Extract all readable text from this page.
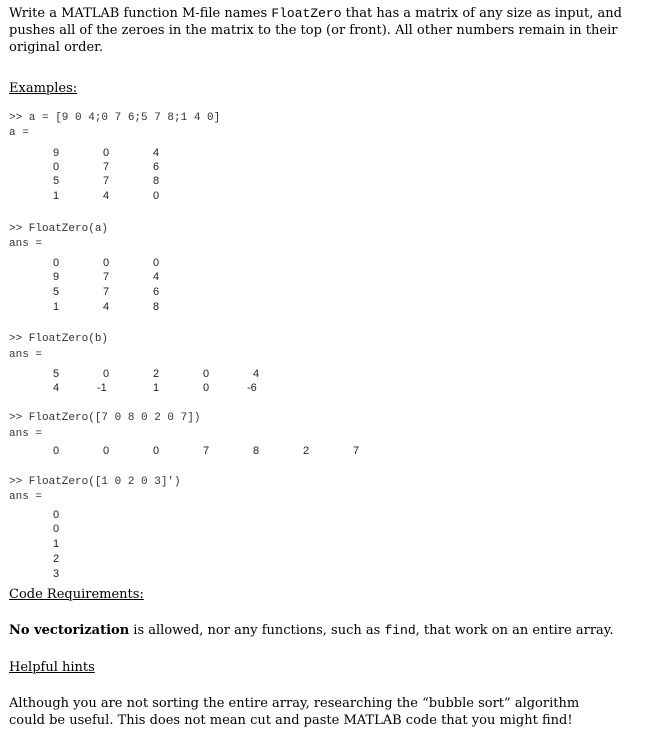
Write a MATLAB function M-file names FloatZero that has a matrix of any size as input, and pushes all of the zeroes in the matrix to the top (or front). All other numbers remain in their original order.

Examples:

>> a = [9 0 4;0 7 6;5 7 8;1 4 0]
a =
9	0	4
0	7	6
5	7	8
1	4	0
>> FloatZero(a)
ans =
0	0	0
9	7	4
5	7	6
1	4	8
>> FloatZero(b)
ans =
5	0	2	0	4
4	-1	1	0	-6
>> FloatZero([7 0 8 0 2 0 7])
ans =
0	0	0	7	8	2	7
>> FloatZero([1 0 2 0 3]')
ans =
0
0
1
2
3

Code Requirements:

No vectorization is allowed, nor any functions, such as find, that work on an entire array.

Helpful hints

Although you are not sorting the entire array, researching the “bubble sort” algorithm could be useful. This does not mean cut and paste MATLAB code that you might find!
